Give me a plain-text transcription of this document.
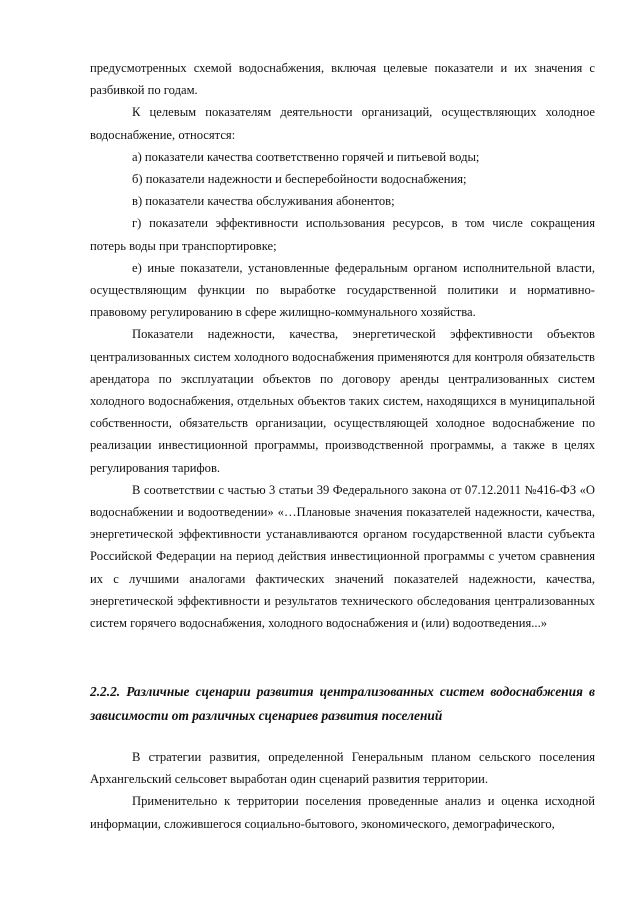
предусмотренных схемой водоснабжения, включая целевые показатели и их значения с разбивкой по годам.

К целевым показателям деятельности организаций, осуществляющих холодное водоснабжение, относятся:

а) показатели качества соответственно горячей и питьевой воды;

б) показатели надежности и бесперебойности водоснабжения;

в) показатели качества обслуживания абонентов;

г) показатели эффективности использования ресурсов, в том числе сокращения потерь воды при транспортировке;

е) иные показатели, установленные федеральным органом исполнительной власти, осуществляющим функции по выработке государственной политики и нормативно-правовому регулированию в сфере жилищно-коммунального хозяйства.

Показатели надежности, качества, энергетической эффективности объектов централизованных систем холодного водоснабжения применяются для контроля обязательств арендатора по эксплуатации объектов по договору аренды централизованных систем холодного водоснабжения, отдельных объектов таких систем, находящихся в муниципальной собственности, обязательств организации, осуществляющей холодное водоснабжение по реализации инвестиционной программы, производственной программы, а также в целях регулирования тарифов.

В соответствии с частью 3 статьи 39 Федерального закона от 07.12.2011 №416-ФЗ «О водоснабжении и водоотведении» «…Плановые значения показателей надежности, качества, энергетической эффективности устанавливаются органом государственной власти субъекта Российской Федерации на период действия инвестиционной программы с учетом сравнения их с лучшими аналогами фактических значений показателей надежности, качества, энергетической эффективности и результатов технического обследования централизованных систем горячего водоснабжения, холодного водоснабжения и (или) водоотведения...»

2.2.2. Различные сценарии развития централизованных систем водоснабжения в зависимости от различных сценариев развития поселений

В стратегии развития, определенной Генеральным планом сельского поселения Архангельский сельсовет выработан один сценарий развития территории.

Применительно к территории поселения проведенные анализ и оценка исходной информации, сложившегося социально-бытового, экономического, демографического,
